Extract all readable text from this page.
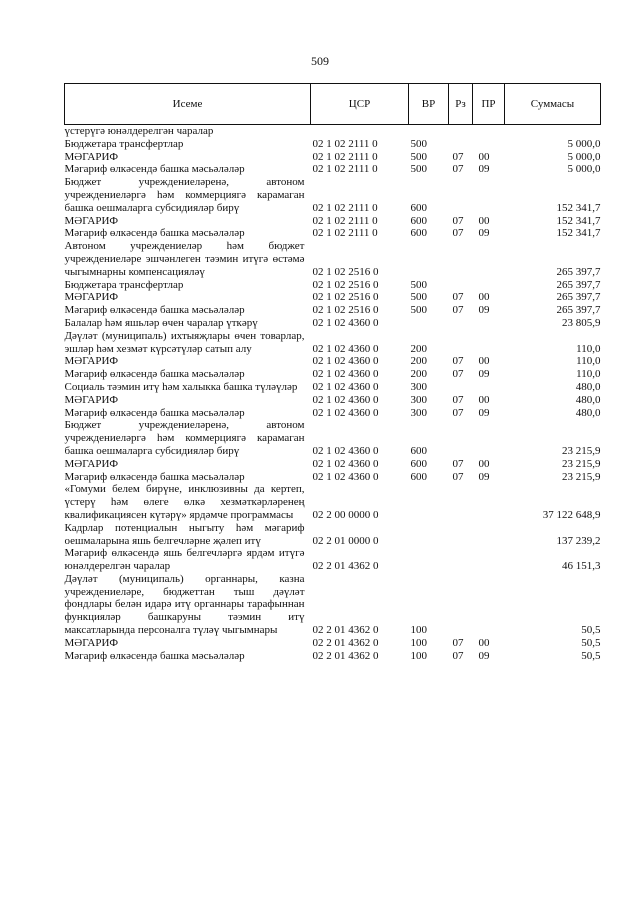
509
Исеме	ЦСР	ВР	Рз	ПР	Суммасы
үстерүгә юнәлдерелгән чаралар					
Бюджетара трансфертлар	02 1 02 2111 0	500			5 000,0
МӘГАРИФ	02 1 02 2111 0	500	07	00	5 000,0
Мәгариф өлкәсендә башка мәсьәләләр	02 1 02 2111 0	500	07	09	5 000,0
Бюджет учреждениеләренә, автоном учреждениеләргә һәм коммерциягә карамаган башка оешмаларга субсидияләр бирү	02 1 02 2111 0	600			152 341,7
МӘГАРИФ	02 1 02 2111 0	600	07	00	152 341,7
Мәгариф өлкәсендә башка мәсьәләләр	02 1 02 2111 0	600	07	09	152 341,7
Автоном учреждениеләр һәм бюджет учреждениеләре эшчәнлеген тәэмин итүгә өстәмә чыгымнарны компенсацияләү	02 1 02 2516 0				265 397,7
Бюджетара трансфертлар	02 1 02 2516 0	500			265 397,7
МӘГАРИФ	02 1 02 2516 0	500	07	00	265 397,7
Мәгариф өлкәсендә башка мәсьәләләр	02 1 02 2516 0	500	07	09	265 397,7
Балалар һәм яшьләр өчен чаралар үткәрү	02 1 02 4360 0				23 805,9
Дәүләт (муниципаль) ихтыяҗлары өчен товарлар, эшләр һәм хезмәт күрсәтүләр сатып алу	02 1 02 4360 0	200			110,0
МӘГАРИФ	02 1 02 4360 0	200	07	00	110,0
Мәгариф өлкәсендә башка мәсьәләләр	02 1 02 4360 0	200	07	09	110,0
Социаль тәэмин итү һәм халыкка башка түләүләр	02 1 02 4360 0	300			480,0
МӘГАРИФ	02 1 02 4360 0	300	07	00	480,0
Мәгариф өлкәсендә башка мәсьәләләр	02 1 02 4360 0	300	07	09	480,0
Бюджет учреждениеләренә, автоном учреждениеләргә һәм коммерциягә карамаган башка оешмаларга субсидияләр бирү	02 1 02 4360 0	600			23 215,9
МӘГАРИФ	02 1 02 4360 0	600	07	00	23 215,9
Мәгариф өлкәсендә башка мәсьәләләр	02 1 02 4360 0	600	07	09	23 215,9
«Гомуми белем бирүне, инклюзивны да кертеп, үстерү һәм өлеге өлкә хезмәткәрләренең квалификациясен күтәрү» ярдәмче программасы	02 2 00 0000 0				37 122 648,9
Кадрлар потенциалын ныгыту һәм мәгариф оешмаларына яшь белгечләрне җәлеп итү	02 2 01 0000 0				137 239,2
Мәгариф өлкәсендә яшь белгечләргә ярдәм итүгә юнәлдерелгән чаралар	02 2 01 4362 0				46 151,3
Дәүләт (муниципаль) органнары, казна учреждениеләре, бюджеттан тыш дәүләт фондлары белән идарә итү органнары тарафыннан функцияләр башкаруны тәэмин итү максатларында персоналга түләү чыгымнары	02 2 01 4362 0	100			50,5
МӘГАРИФ	02 2 01 4362 0	100	07	00	50,5
Мәгариф өлкәсендә башка мәсьәләләр	02 2 01 4362 0	100	07	09	50,5
